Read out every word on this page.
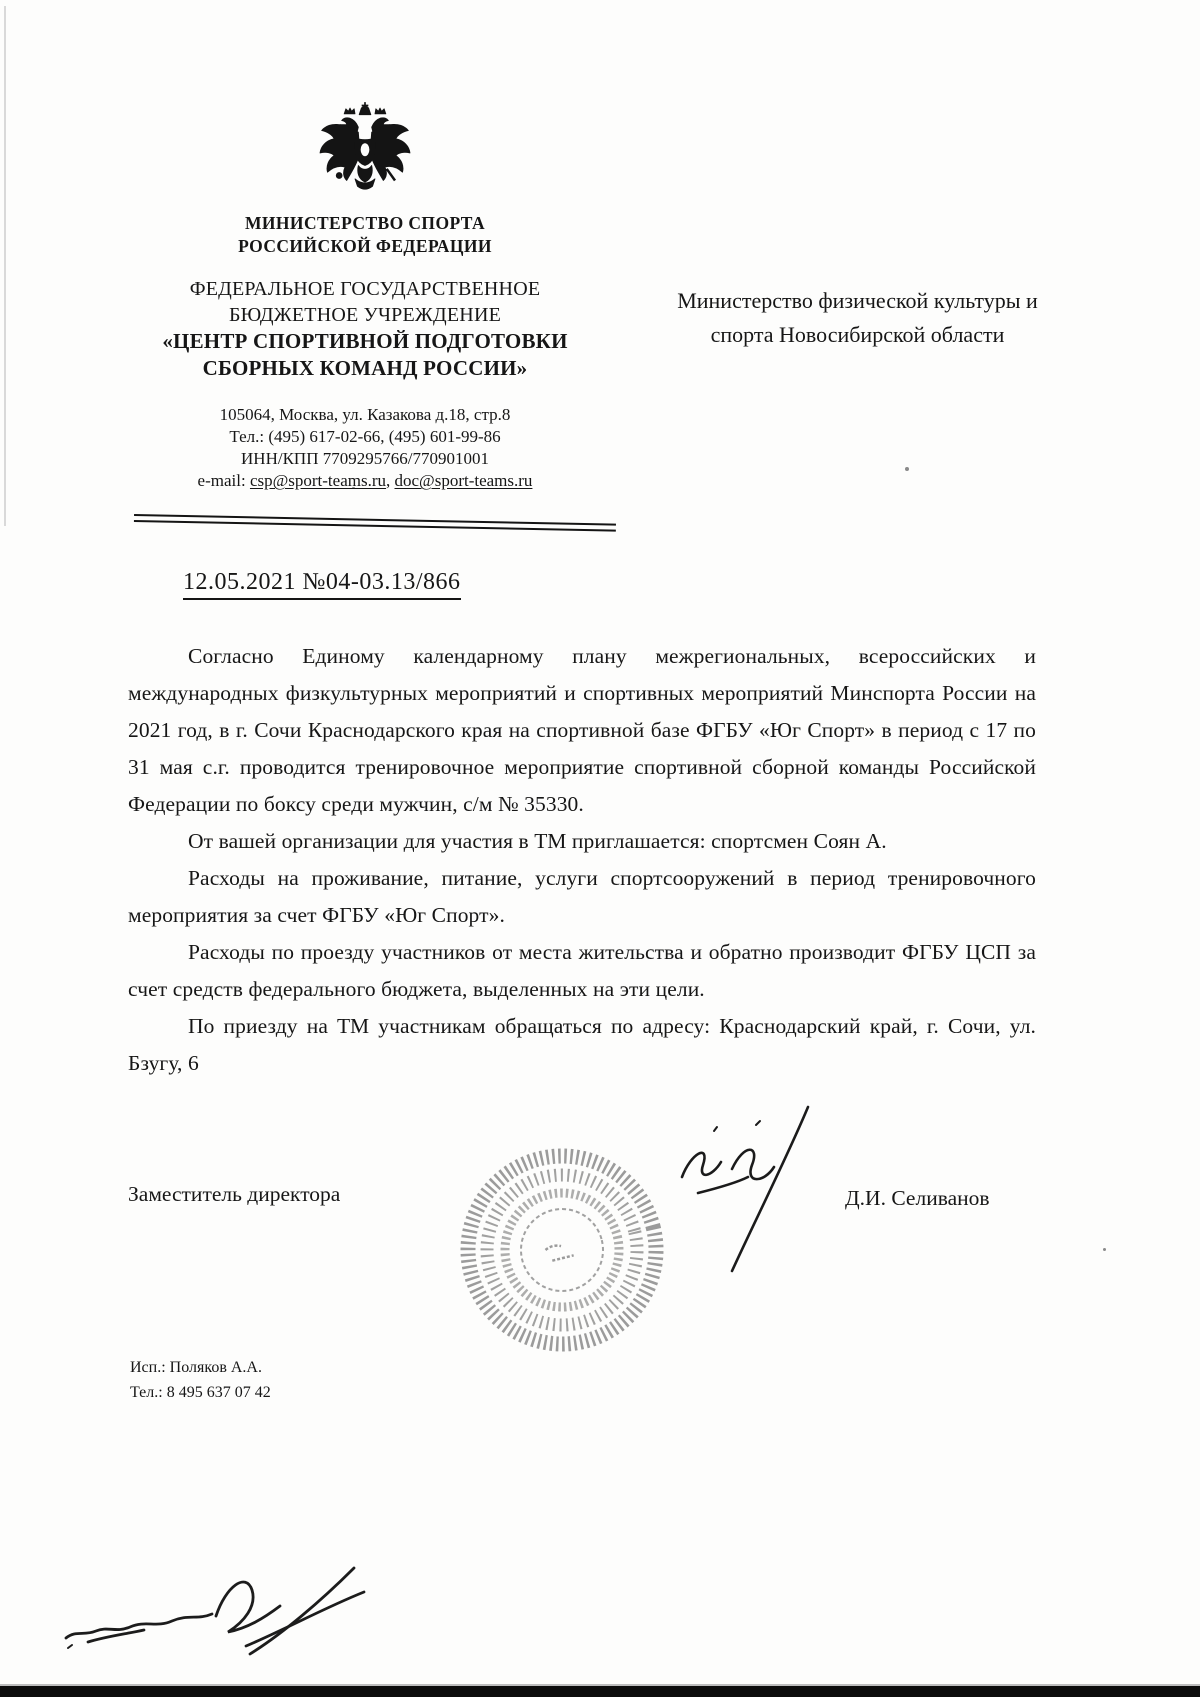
МИНИСТЕРСТВО СПОРТА
РОССИЙСКОЙ ФЕДЕРАЦИИ
ФЕДЕРАЛЬНОЕ ГОСУДАРСТВЕННОЕ
БЮДЖЕТНОЕ УЧРЕЖДЕНИЕ
«ЦЕНТР СПОРТИВНОЙ ПОДГОТОВКИ
СБОРНЫХ КОМАНД РОССИИ»
105064, Москва, ул. Казакова д.18, стр.8
Тел.: (495) 617-02-66, (495) 601-99-86
ИНН/КПП 7709295766/770901001
e-mail: csp@sport-teams.ru, doc@sport-teams.ru
Министерство физической культуры и
спорта Новосибирской области
12.05.2021 №04-03.13/866

Согласно Единому календарному плану межрегиональных, всероссийских и международных физкультурных мероприятий и спортивных мероприятий Минспорта России на 2021 год, в г. Сочи Краснодарского края на спортивной базе ФГБУ «Юг Спорт» в период с 17 по 31 мая с.г. проводится тренировочное мероприятие спортивной сборной команды Российской Федерации по боксу среди мужчин, с/м № 35330.

От вашей организации для участия в ТМ приглашается: спортсмен Соян А.

Расходы на проживание, питание, услуги спортсооружений в период тренировочного мероприятия за счет ФГБУ «Юг Спорт».

Расходы по проезду участников от места жительства и обратно производит ФГБУ ЦСП за счет средств федерального бюджета, выделенных на эти цели.

По приезду на ТМ участникам обращаться по адресу: Краснодарский край, г. Сочи, ул. Бзугу, 6

Заместитель директора	Д.И. Селиванов
Исп.: Поляков А.А.
Тел.: 8 495 637 07 42
